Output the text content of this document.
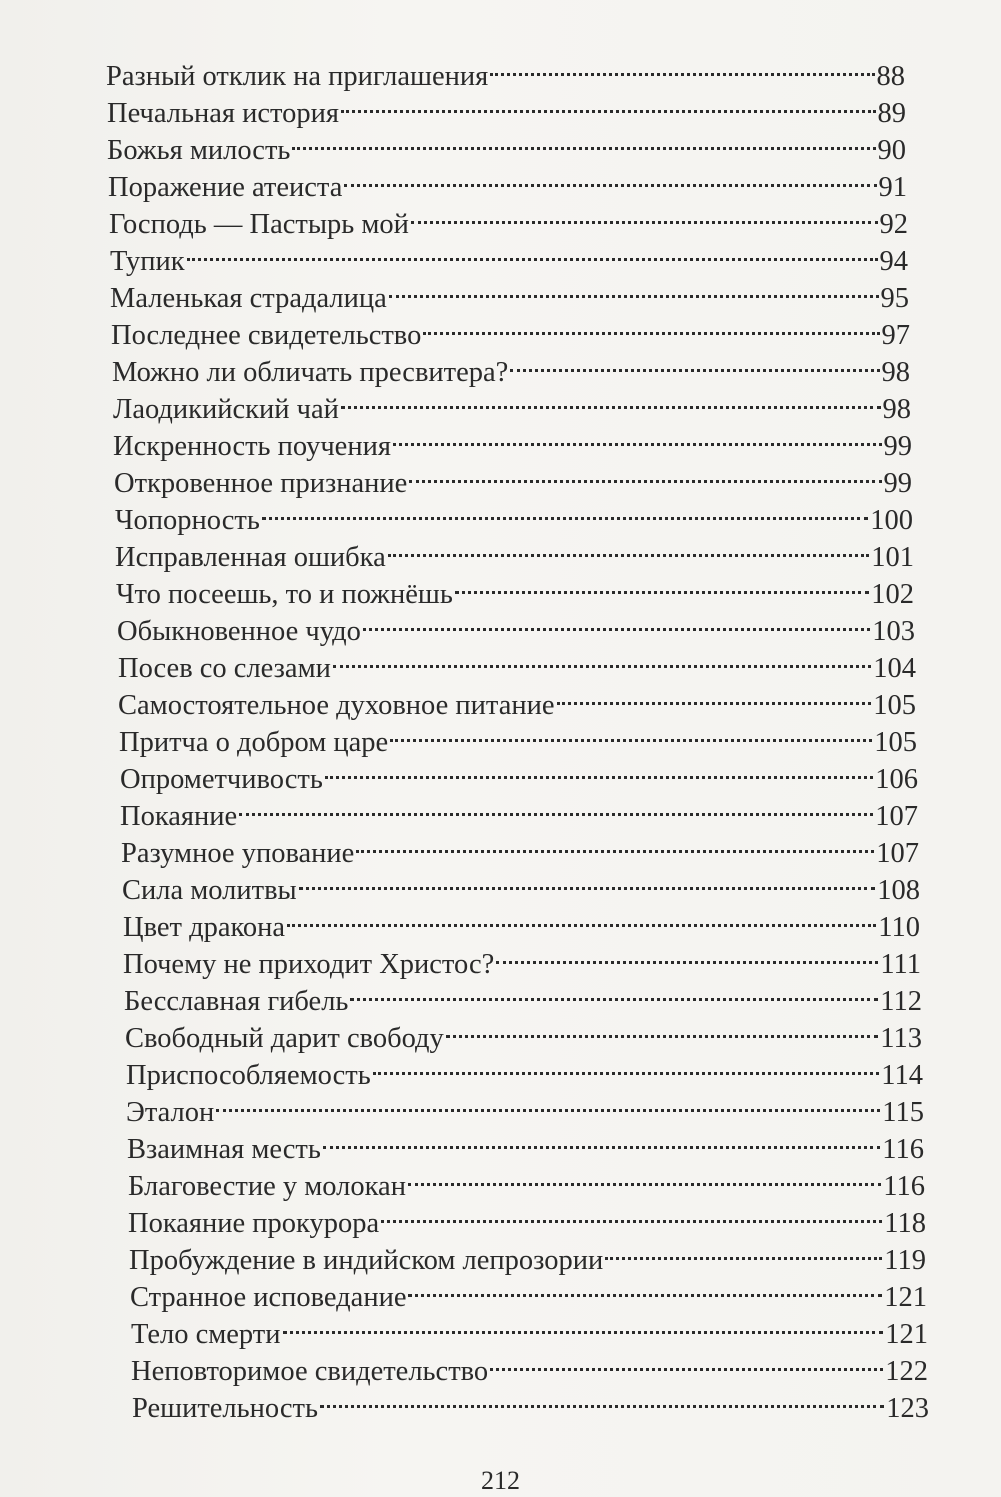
Разный отклик на приглашения	88
Печальная история	89
Божья милость	90
Поражение атеиста	91
Господь — Пастырь мой	92
Тупик	94
Маленькая страдалица	95
Последнее свидетельство	97
Можно ли обличать пресвитера?	98
Лаодикийский чай	98
Искренность поучения	99
Откровенное признание	99
Чопорность	100
Исправленная ошибка	101
Что посеешь, то и пожнёшь	102
Обыкновенное чудо	103
Посев со слезами	104
Самостоятельное духовное питание	105
Притча о добром царе	105
Опрометчивость	106
Покаяние	107
Разумное упование	107
Сила молитвы	108
Цвет дракона	110
Почему не приходит Христос?	111
Бесславная гибель	112
Свободный дарит свободу	113
Приспособляемость	114
Эталон	115
Взаимная месть	116
Благовестие у молокан	116
Покаяние прокурора	118
Пробуждение в индийском лепрозории	119
Странное исповедание	121
Тело смерти	121
Неповторимое свидетельство	122
Решительность	123
212
